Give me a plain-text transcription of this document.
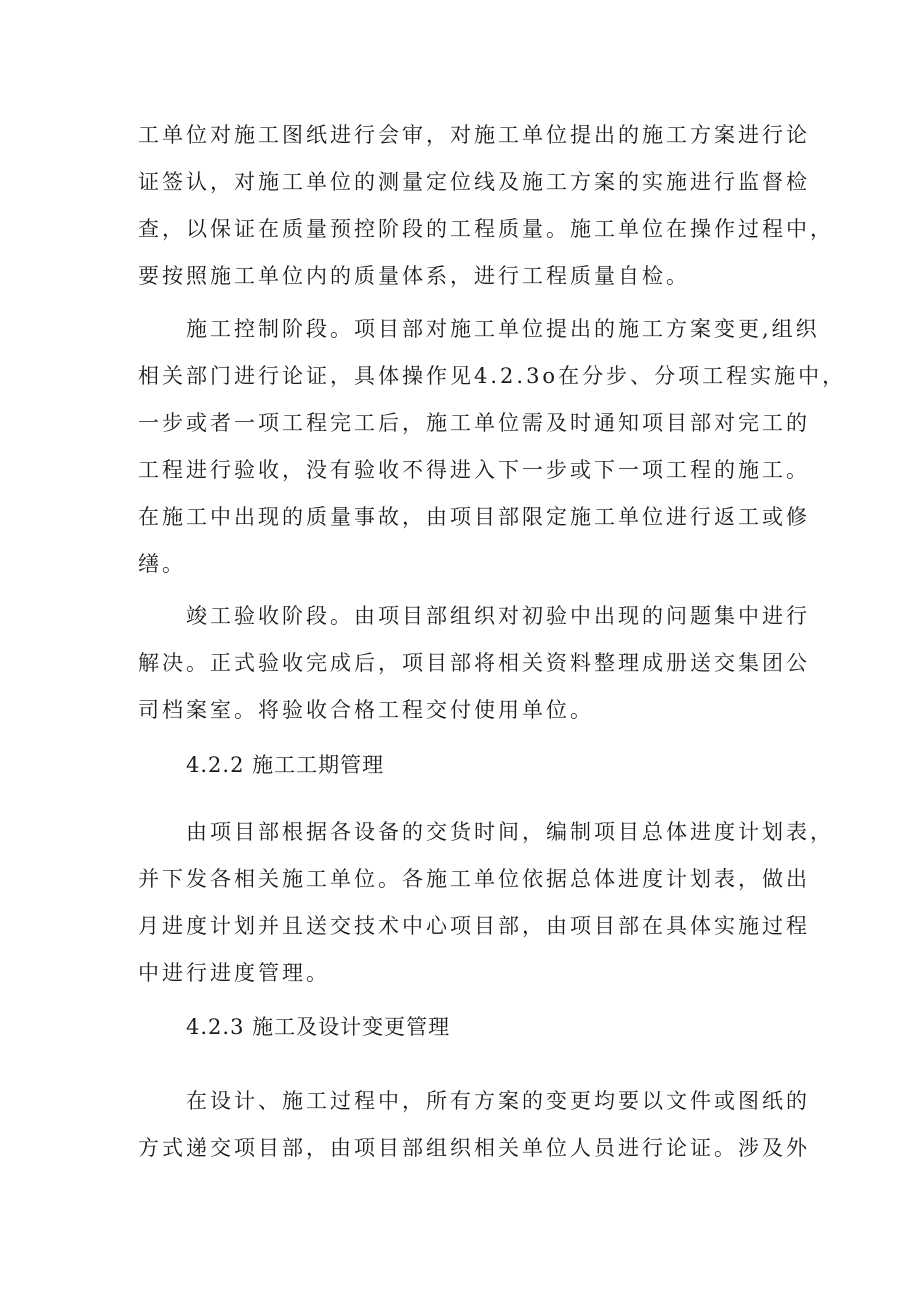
工单位对施工图纸进行会审，对施工单位提出的施工方案进行论
证签认，对施工单位的测量定位线及施工方案的实施进行监督检
查，以保证在质量预控阶段的工程质量。施工单位在操作过程中，
要按照施工单位内的质量体系，进行工程质量自检。
施工控制阶段。项目部对施工单位提出的施工方案变更,组织
相关部门进行论证，具体操作见4.2.3o在分步、分项工程实施中，
一步或者一项工程完工后，施工单位需及时通知项目部对完工的
工程进行验收，没有验收不得进入下一步或下一项工程的施工。
在施工中出现的质量事故，由项目部限定施工单位进行返工或修
缮。
竣工验收阶段。由项目部组织对初验中出现的问题集中进行
解决。正式验收完成后，项目部将相关资料整理成册送交集团公
司档案室。将验收合格工程交付使用单位。
4.2.2 施工工期管理
由项目部根据各设备的交货时间，编制项目总体进度计划表，
并下发各相关施工单位。各施工单位依据总体进度计划表，做出
月进度计划并且送交技术中心项目部，由项目部在具体实施过程
中进行进度管理。
4.2.3 施工及设计变更管理
在设计、施工过程中，所有方案的变更均要以文件或图纸的
方式递交项目部，由项目部组织相关单位人员进行论证。涉及外
